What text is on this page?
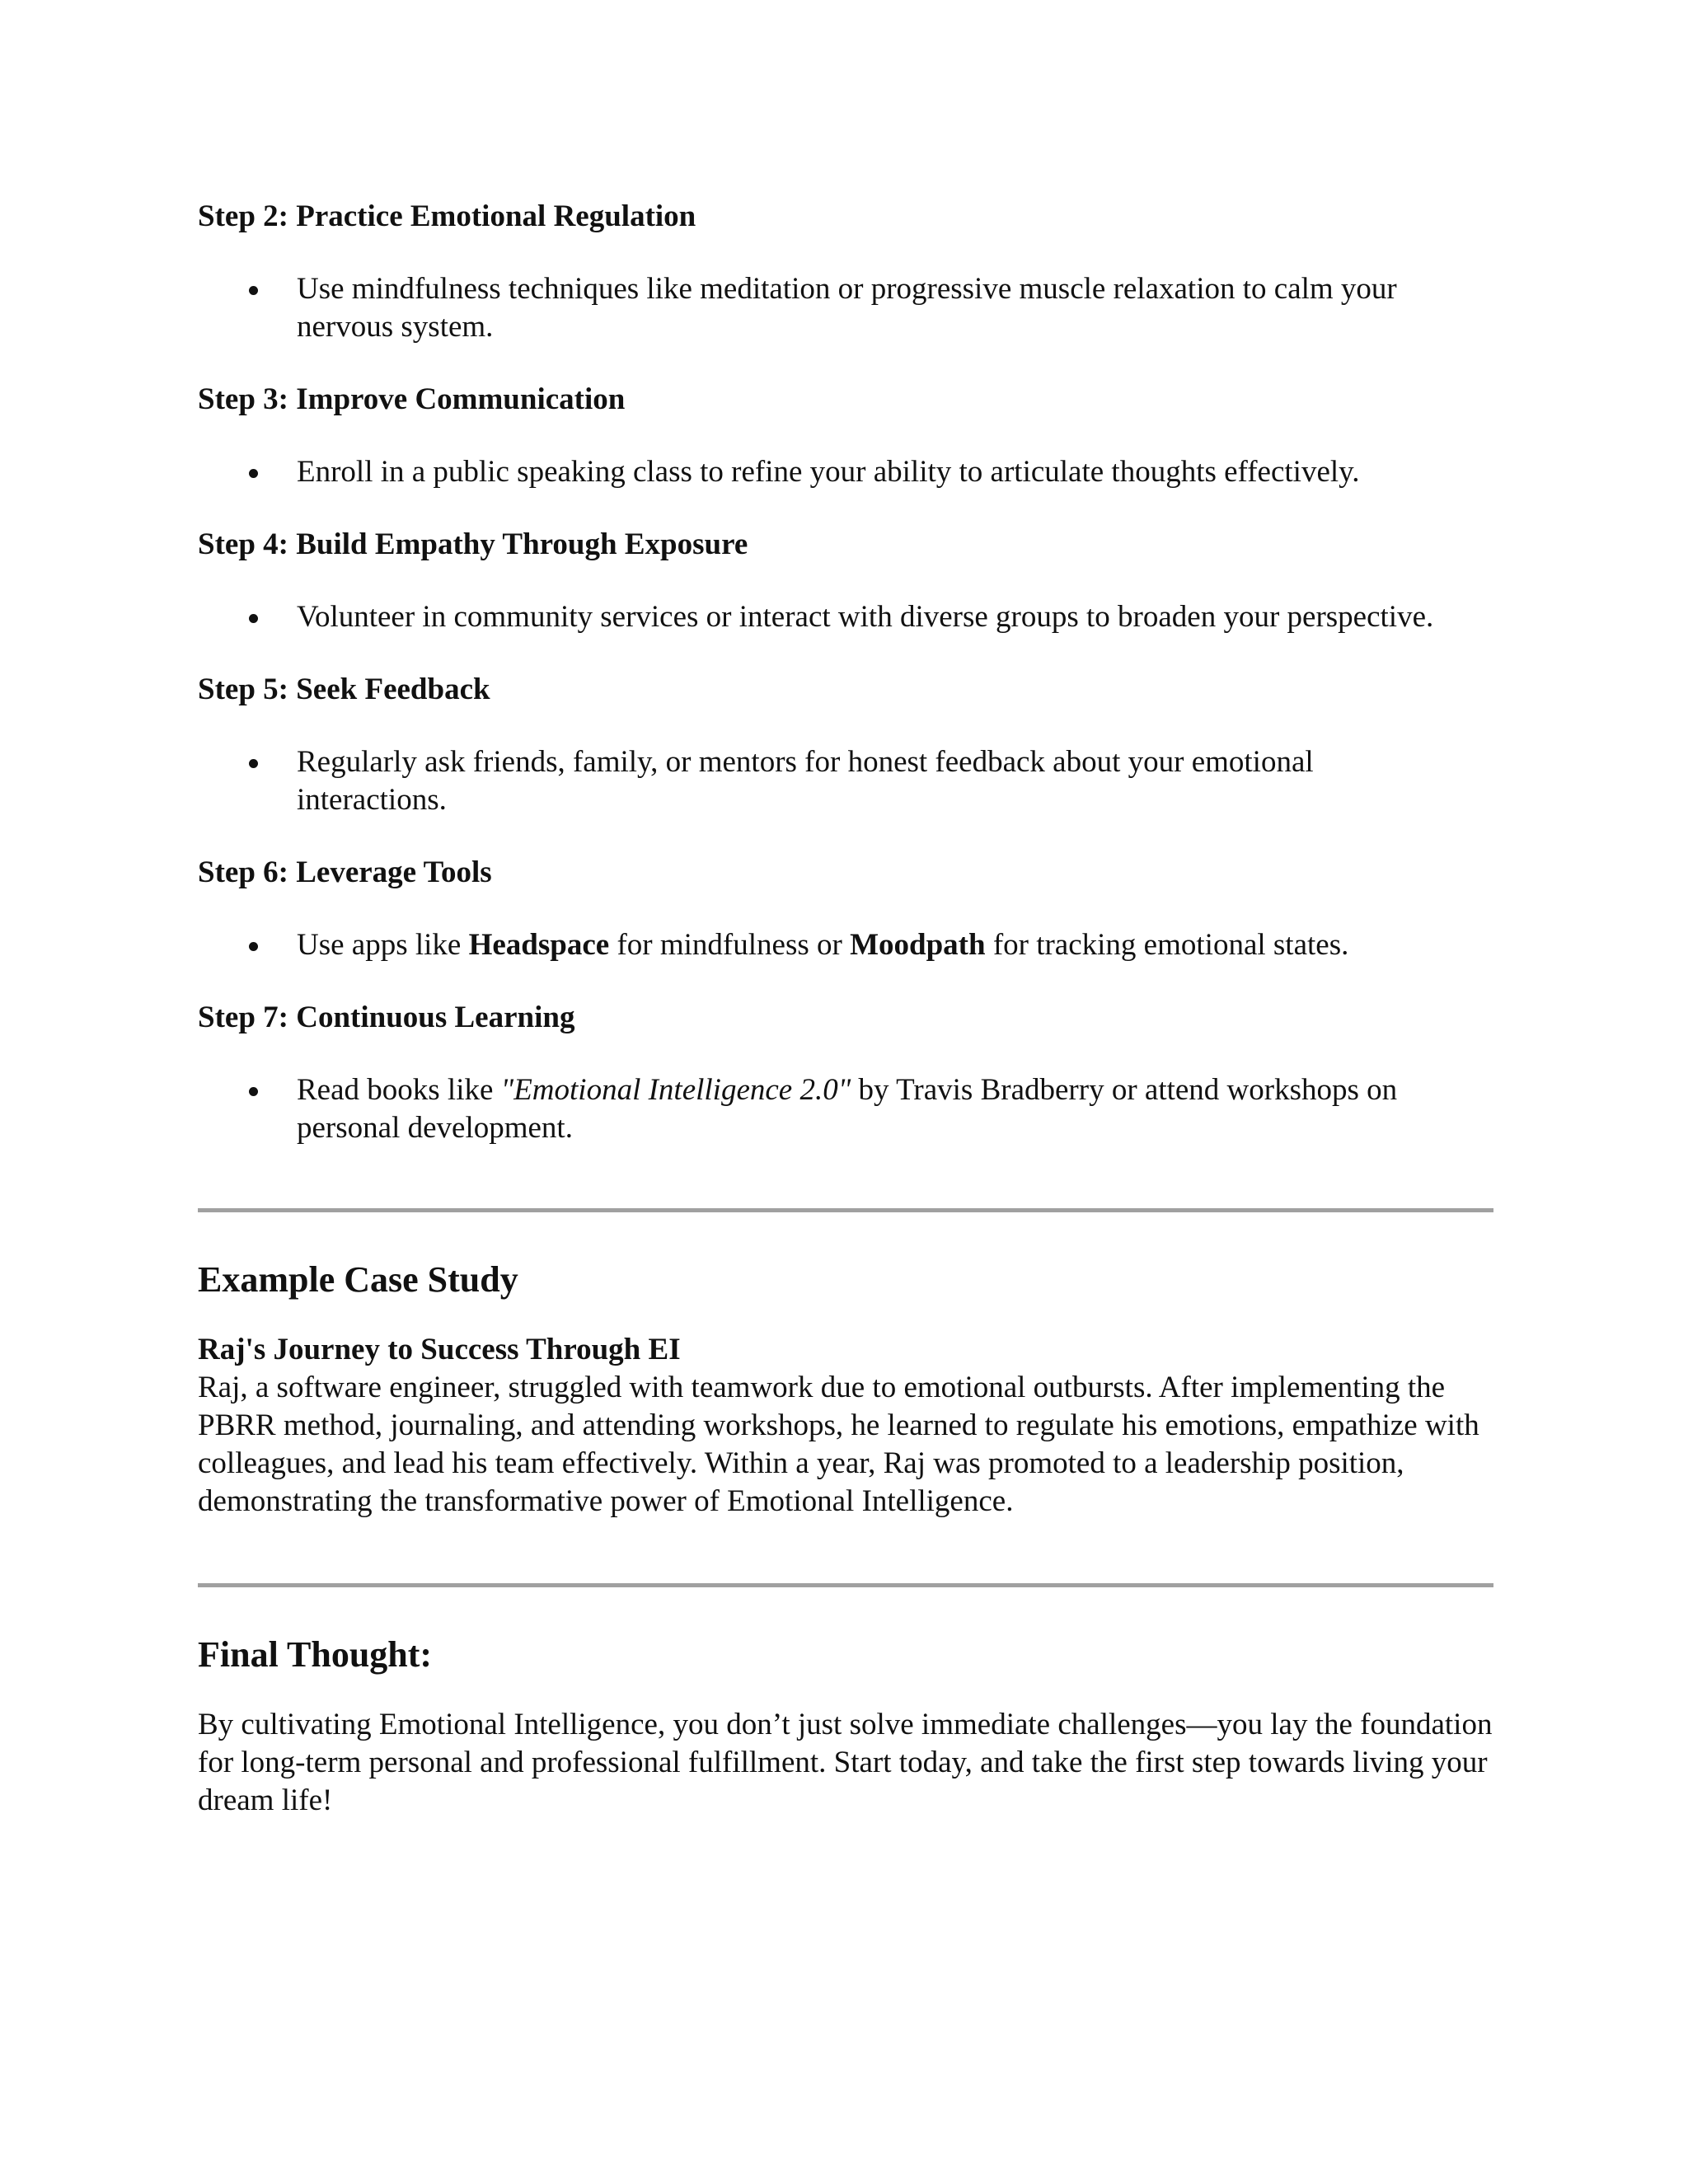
Step 2: Practice Emotional Regulation
Use mindfulness techniques like meditation or progressive muscle relaxation to calm your nervous system.
Step 3: Improve Communication
Enroll in a public speaking class to refine your ability to articulate thoughts effectively.
Step 4: Build Empathy Through Exposure
Volunteer in community services or interact with diverse groups to broaden your perspective.
Step 5: Seek Feedback
Regularly ask friends, family, or mentors for honest feedback about your emotional interactions.
Step 6: Leverage Tools
Use apps like Headspace for mindfulness or Moodpath for tracking emotional states.
Step 7: Continuous Learning
Read books like "Emotional Intelligence 2.0" by Travis Bradberry or attend workshops on personal development.
Example Case Study
Raj's Journey to Success Through EI

Raj, a software engineer, struggled with teamwork due to emotional outbursts. After implementing the PBRR method, journaling, and attending workshops, he learned to regulate his emotions, empathize with colleagues, and lead his team effectively. Within a year, Raj was promoted to a leadership position, demonstrating the transformative power of Emotional Intelligence.

Final Thought:

By cultivating Emotional Intelligence, you don’t just solve immediate challenges—you lay the foundation for long-term personal and professional fulfillment. Start today, and take the first step towards living your dream life!
